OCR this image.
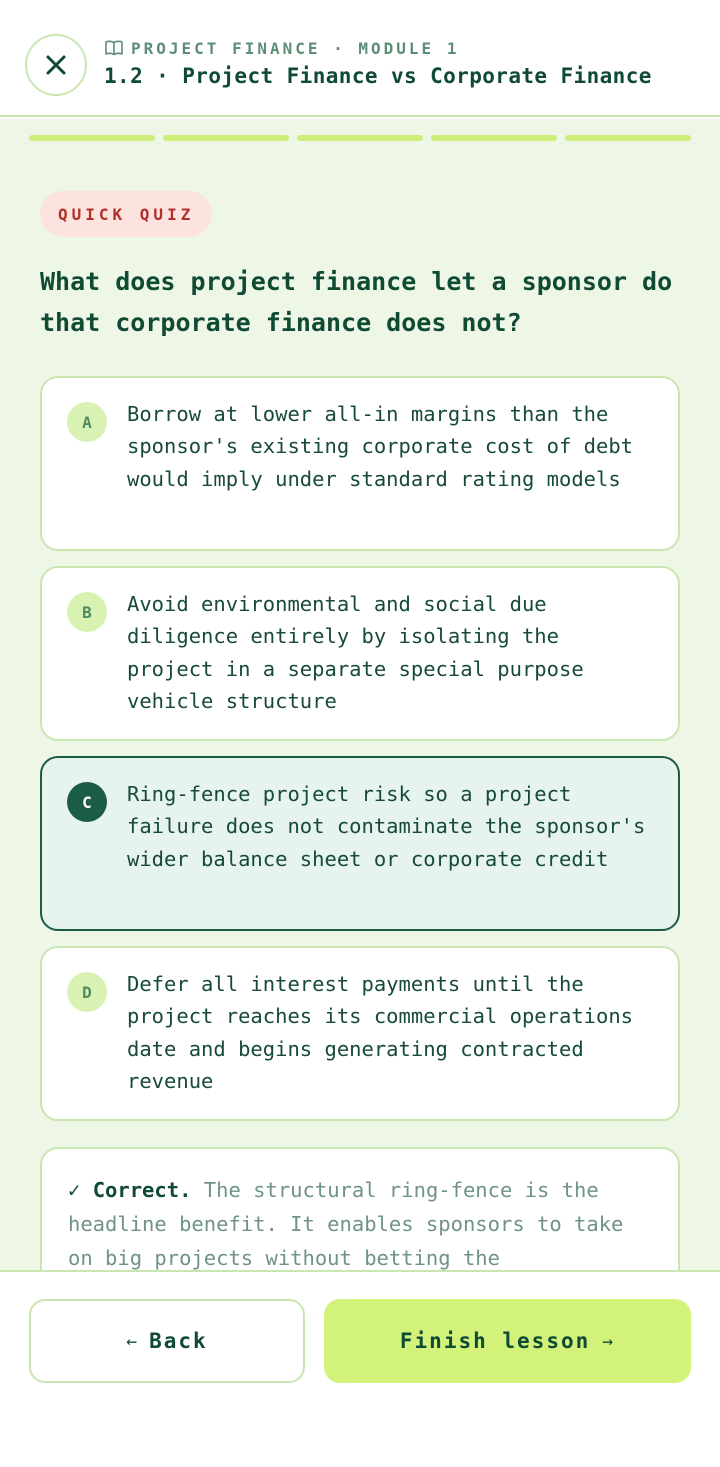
PROJECT FINANCE · MODULE 1
1.2 · Project Finance vs Corporate Finance
QUICK QUIZ
What does project finance let a sponsor do that corporate finance does not?
A	Borrow at lower all-in margins than the sponsor's existing corporate cost of debt would imply under standard rating models
B	Avoid environmental and social due diligence entirely by isolating the project in a separate special purpose vehicle structure
C	Ring-fence project risk so a project failure does not contaminate the sponsor's wider balance sheet or corporate credit
D	Defer all interest payments until the project reaches its commercial operations date and begins generating contracted revenue
✓ Correct. The structural ring-fence is the headline benefit. It enables sponsors to take on big projects without betting the
← Back	Finish lesson →
